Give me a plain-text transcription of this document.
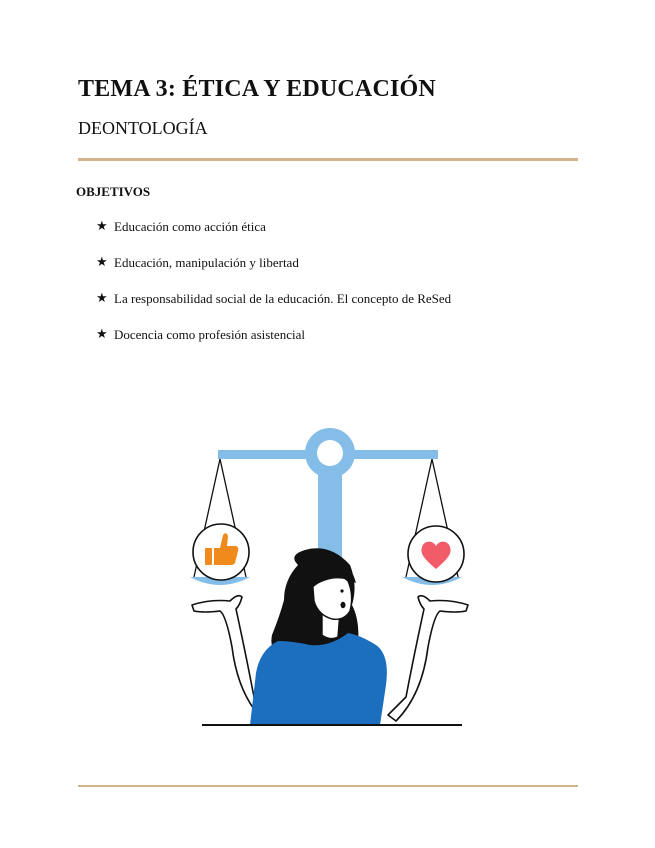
TEMA 3: ÉTICA Y EDUCACIÓN
DEONTOLOGÍA
OBJETIVOS
★ Educación como acción ética
★ Educación, manipulación y libertad
★ La responsabilidad social de la educación. El concepto de ReSed
★ Docencia como profesión asistencial
